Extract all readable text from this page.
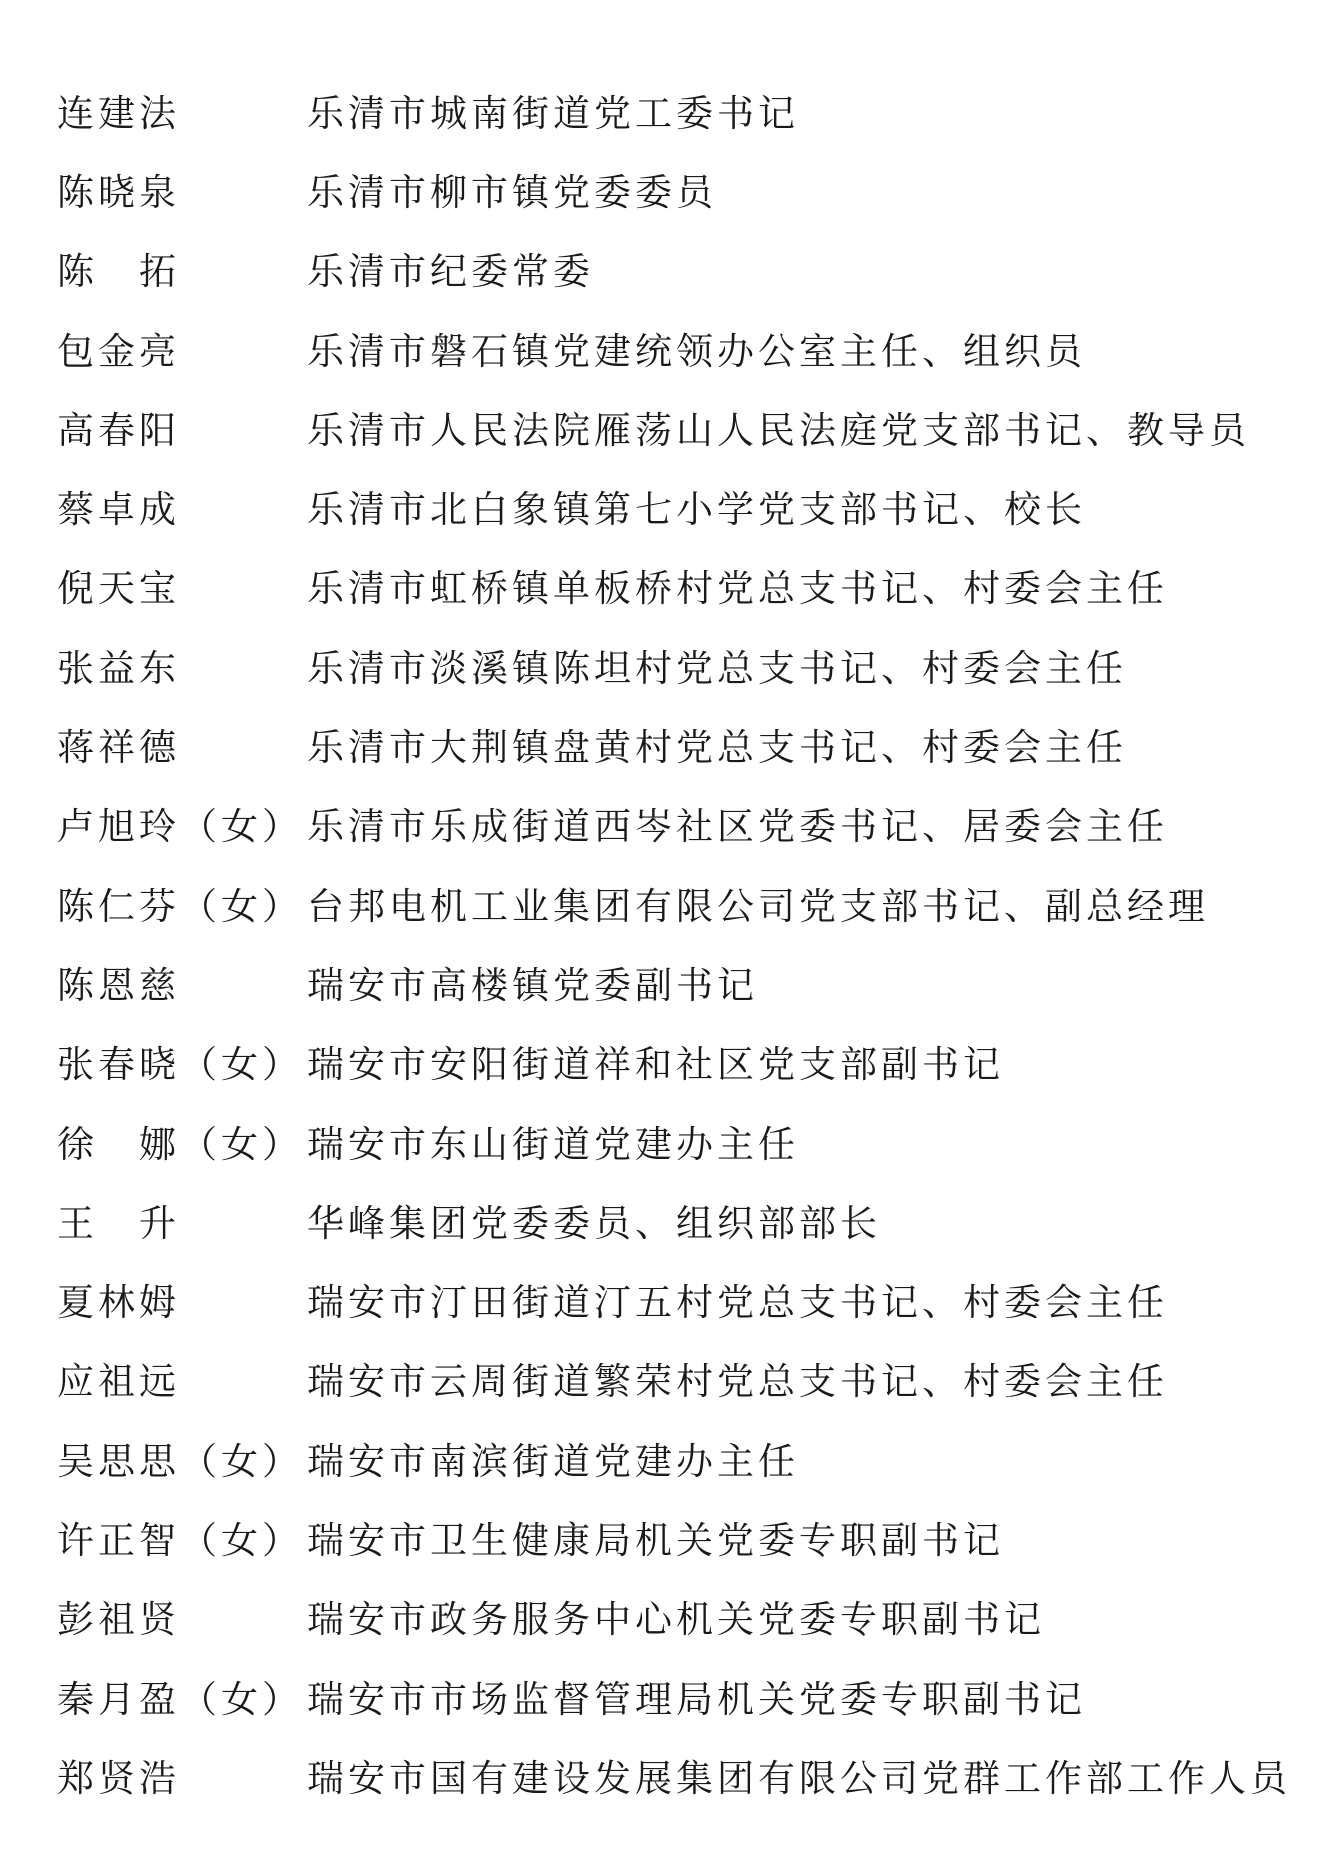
连建法	乐清市城南街道党工委书记
陈晓泉	乐清市柳市镇党委委员
陈　拓	乐清市纪委常委
包金亮	乐清市磐石镇党建统领办公室主任、组织员
高春阳	乐清市人民法院雁荡山人民法庭党支部书记、教导员
蔡卓成	乐清市北白象镇第七小学党支部书记、校长
倪天宝	乐清市虹桥镇单板桥村党总支书记、村委会主任
张益东	乐清市淡溪镇陈坦村党总支书记、村委会主任
蒋祥德	乐清市大荆镇盘黄村党总支书记、村委会主任
卢旭玲（女） 乐清市乐成街道西岑社区党委书记、居委会主任
陈仁芬（女） 台邦电机工业集团有限公司党支部书记、副总经理
陈恩慈	瑞安市高楼镇党委副书记
张春晓（女） 瑞安市安阳街道祥和社区党支部副书记
徐　娜（女） 瑞安市东山街道党建办主任
王　升	华峰集团党委委员、组织部部长
夏林姆	瑞安市汀田街道汀五村党总支书记、村委会主任
应祖远	瑞安市云周街道繁荣村党总支书记、村委会主任
吴思思（女） 瑞安市南滨街道党建办主任
许正智（女） 瑞安市卫生健康局机关党委专职副书记
彭祖贤	瑞安市政务服务中心机关党委专职副书记
秦月盈（女） 瑞安市市场监督管理局机关党委专职副书记
郑贤浩	瑞安市国有建设发展集团有限公司党群工作部工作人员
